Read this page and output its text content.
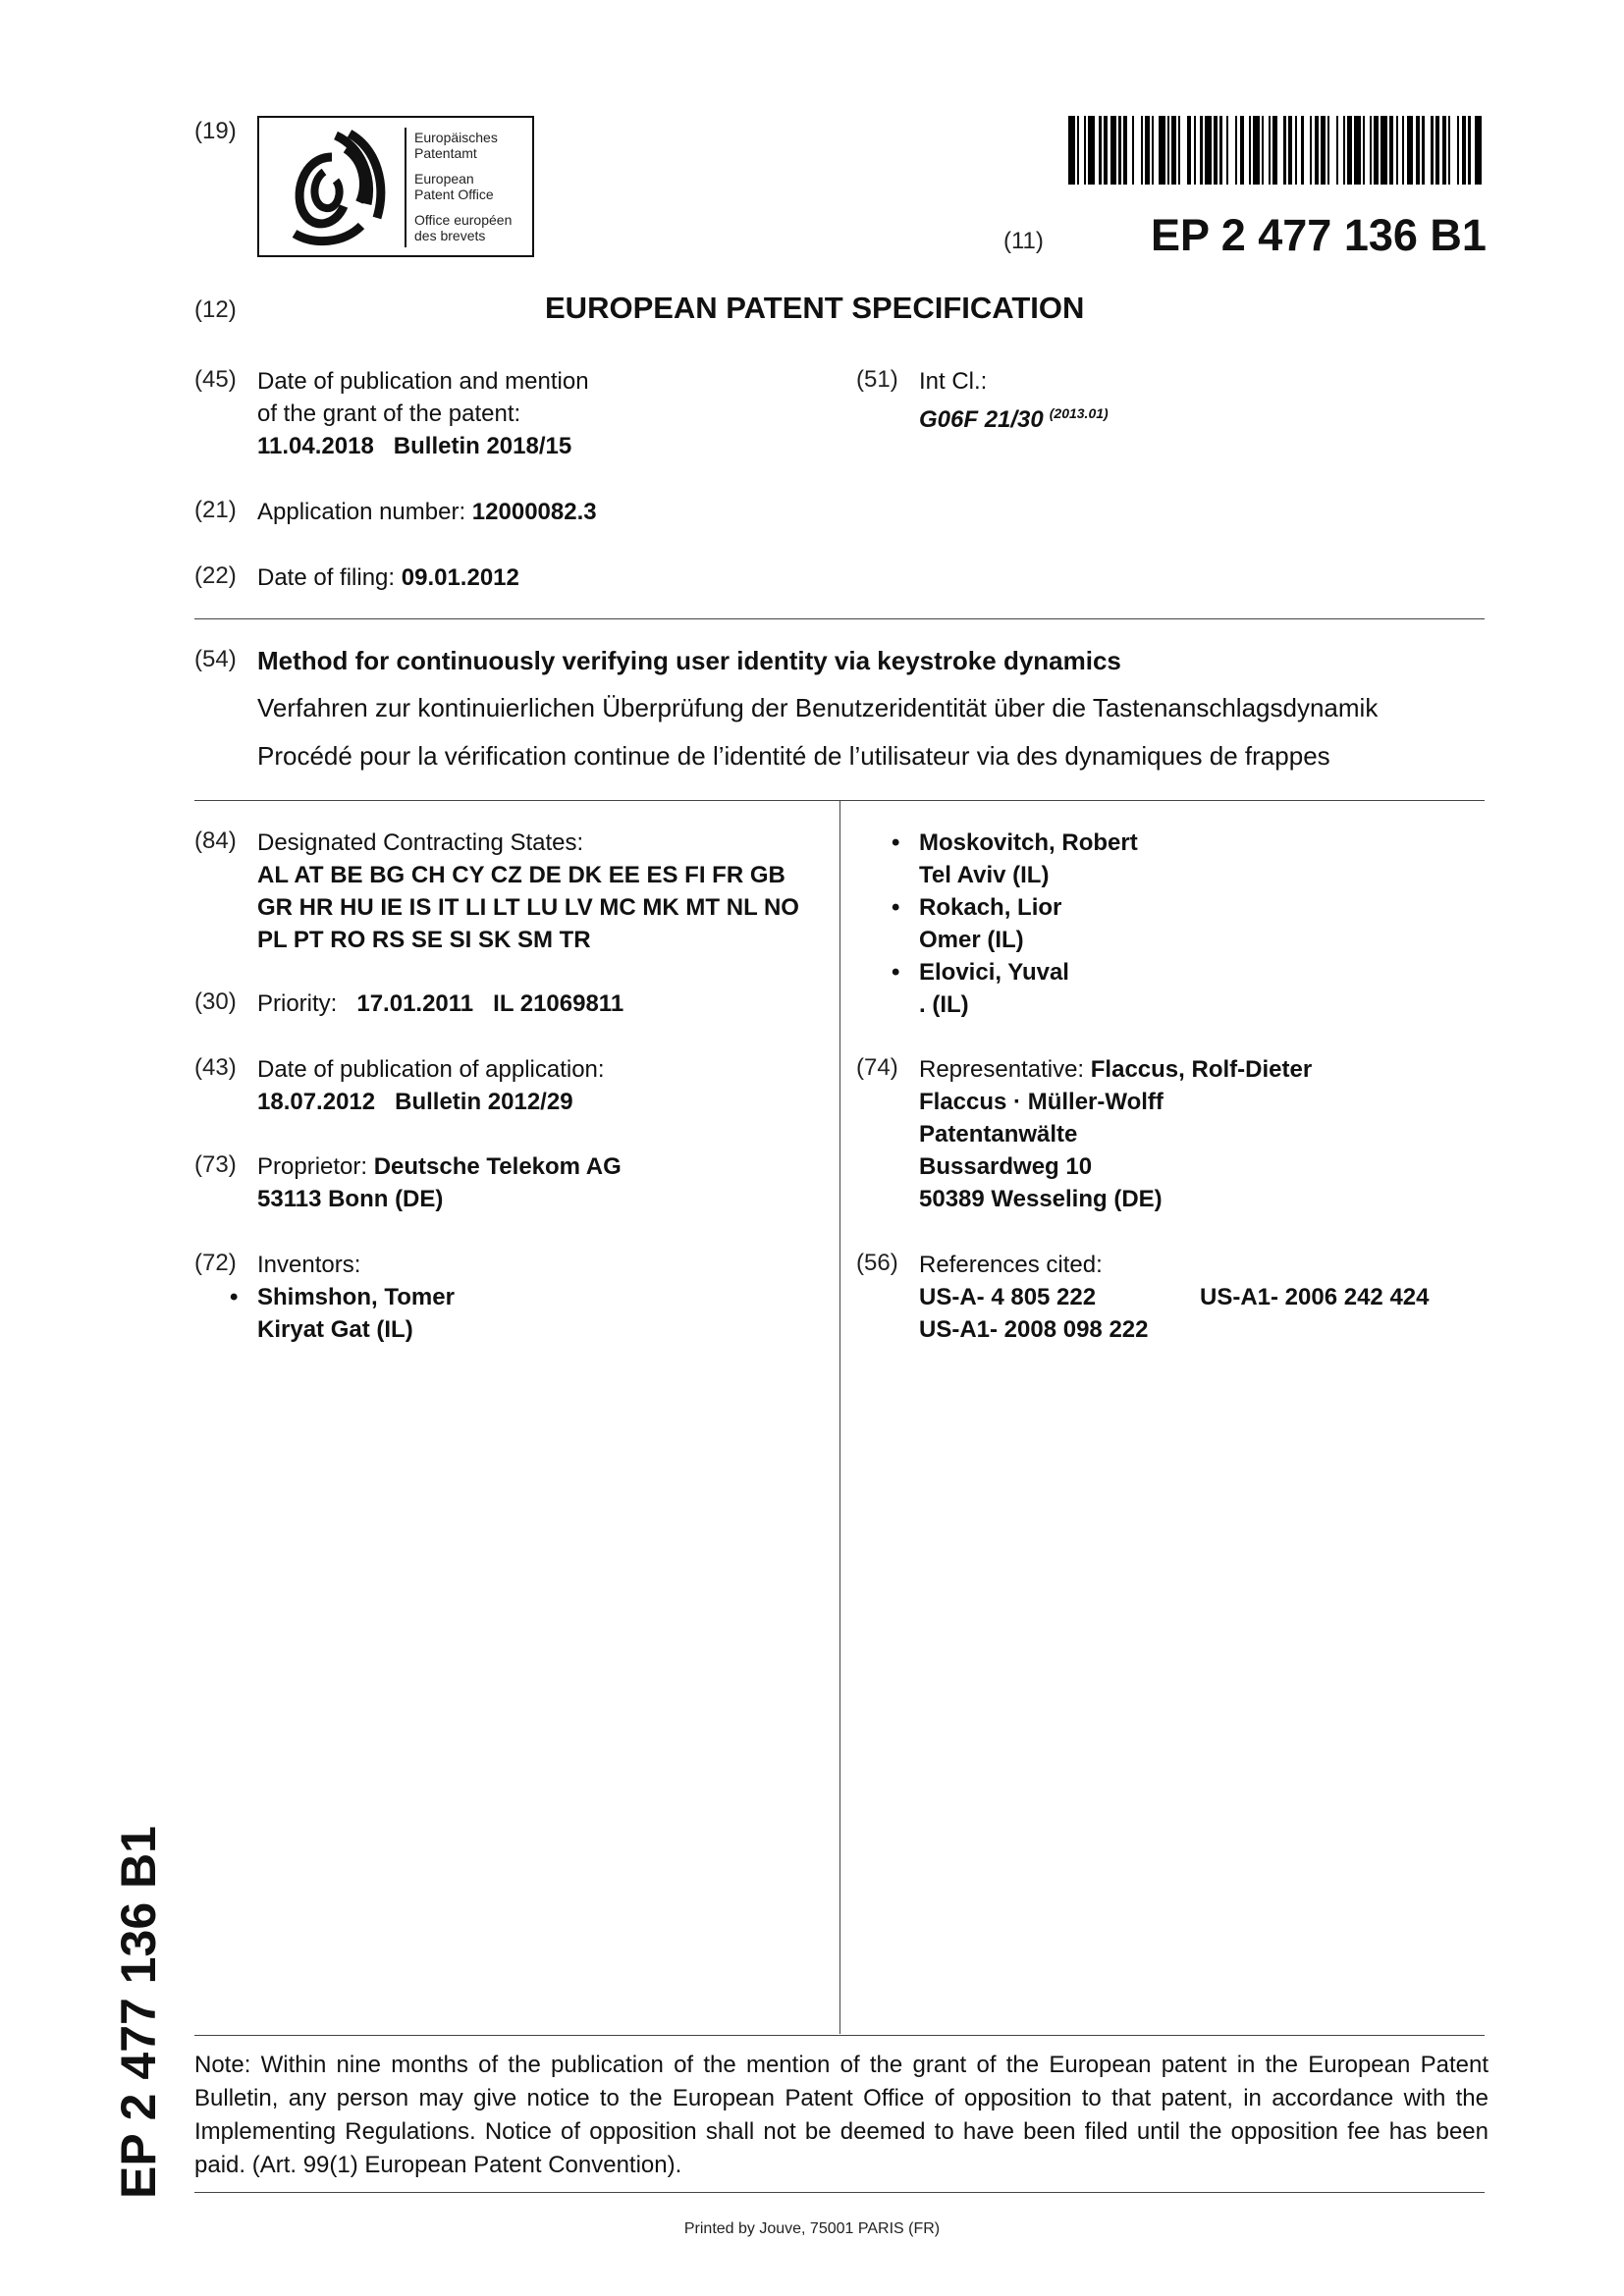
(19)	Europäisches
Patentamt
European
Patent Office
Office européen
des brevets	(11) EP 2 477 136 B1
(12)	EUROPEAN PATENT SPECIFICATION
(45) Date of publication and mention
of the grant of the patent:
11.04.2018   Bulletin 2018/15
(51) Int Cl.:
G06F 21/30 $^{(2013.01)}$
(21) Application number: 12000082.3
(22) Date of filing: 09.01.2012
(54) Method for continuously verifying user identity via keystroke dynamics
Verfahren zur kontinuierlichen Überprüfung der Benutzeridentität über die Tastenanschlagsdynamik
Procédé pour la vérification continue de l’identité de l’utilisateur via des dynamiques de frappes
(84) Designated Contracting States:
AL AT BE BG CH CY CZ DE DK EE ES FI FR GB
GR HR HU IE IS IT LI LT LU LV MC MK MT NL NO
PL PT RO RS SE SI SK SM TR
(30) Priority: 17.01.2011   IL 21069811
(43) Date of publication of application:
18.07.2012   Bulletin 2012/29
(73) Proprietor: Deutsche Telekom AG
53113 Bonn (DE)
(72) Inventors:
• Shimshon, Tomer
Kiryat Gat (IL)
• Moskovitch, Robert
Tel Aviv (IL)
• Rokach, Lior
Omer (IL)
• Elovici, Yuval
. (IL)
(74) Representative: Flaccus, Rolf-Dieter
Flaccus · Müller-Wolff
Patentanwälte
Bussardweg 10
50389 Wesseling (DE)
(56) References cited:
US-A- 4 805 222	US-A1- 2006 242 424
US-A1- 2008 098 222
EP 2 477 136 B1 Note: Within nine months of the publication of the mention of the grant of the European patent in the European Patent Bulletin, any person may give notice to the European Patent Office of opposition to that patent, in accordance with the Implementing Regulations. Notice of opposition shall not be deemed to have been filed until the opposition fee has been paid. (Art. 99(1) European Patent Convention).
Printed by Jouve, 75001 PARIS (FR)
